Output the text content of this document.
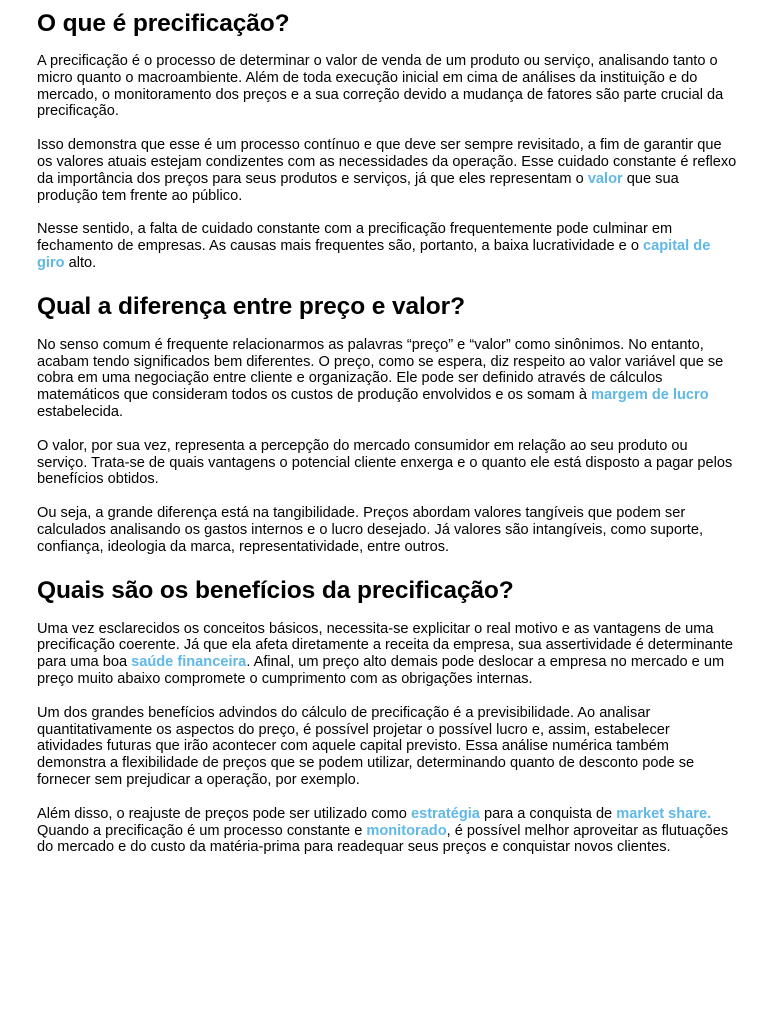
O que é precificação?

A precificação é o processo de determinar o valor de venda de um produto ou serviço, analisando tanto o micro quanto o macroambiente. Além de toda execução inicial em cima de análises da instituição e do mercado, o monitoramento dos preços e a sua correção devido a mudança de fatores são parte crucial da precificação.

Isso demonstra que esse é um processo contínuo e que deve ser sempre revisitado, a fim de garantir que os valores atuais estejam condizentes com as necessidades da operação. Esse cuidado constante é reflexo da importância dos preços para seus produtos e serviços, já que eles representam o valor que sua produção tem frente ao público.

Nesse sentido, a falta de cuidado constante com a precificação frequentemente pode culminar em fechamento de empresas. As causas mais frequentes são, portanto, a baixa lucratividade e o capital de giro alto.

Qual a diferença entre preço e valor?

No senso comum é frequente relacionarmos as palavras “preço” e “valor” como sinônimos. No entanto, acabam tendo significados bem diferentes. O preço, como se espera, diz respeito ao valor variável que se cobra em uma negociação entre cliente e organização. Ele pode ser definido através de cálculos matemáticos que consideram todos os custos de produção envolvidos e os somam à margem de lucro estabelecida.

O valor, por sua vez, representa a percepção do mercado consumidor em relação ao seu produto ou serviço. Trata-se de quais vantagens o potencial cliente enxerga e o quanto ele está disposto a pagar pelos benefícios obtidos.

Ou seja, a grande diferença está na tangibilidade. Preços abordam valores tangíveis que podem ser calculados analisando os gastos internos e o lucro desejado. Já valores são intangíveis, como suporte, confiança, ideologia da marca, representatividade, entre outros.

Quais são os benefícios da precificação?

Uma vez esclarecidos os conceitos básicos, necessita-se explicitar o real motivo e as vantagens de uma precificação coerente. Já que ela afeta diretamente a receita da empresa, sua assertividade é determinante para uma boa saúde financeira. Afinal, um preço alto demais pode deslocar a empresa no mercado e um preço muito abaixo compromete o cumprimento com as obrigações internas.

Um dos grandes benefícios advindos do cálculo de precificação é a previsibilidade. Ao analisar quantitativamente os aspectos do preço, é possível projetar o possível lucro e, assim, estabelecer atividades futuras que irão acontecer com aquele capital previsto. Essa análise numérica também demonstra a flexibilidade de preços que se podem utilizar, determinando quanto de desconto pode se fornecer sem prejudicar a operação, por exemplo.

Além disso, o reajuste de preços pode ser utilizado como estratégia para a conquista de market share. Quando a precificação é um processo constante e monitorado, é possível melhor aproveitar as flutuações do mercado e do custo da matéria-prima para readequar seus preços e conquistar novos clientes.
